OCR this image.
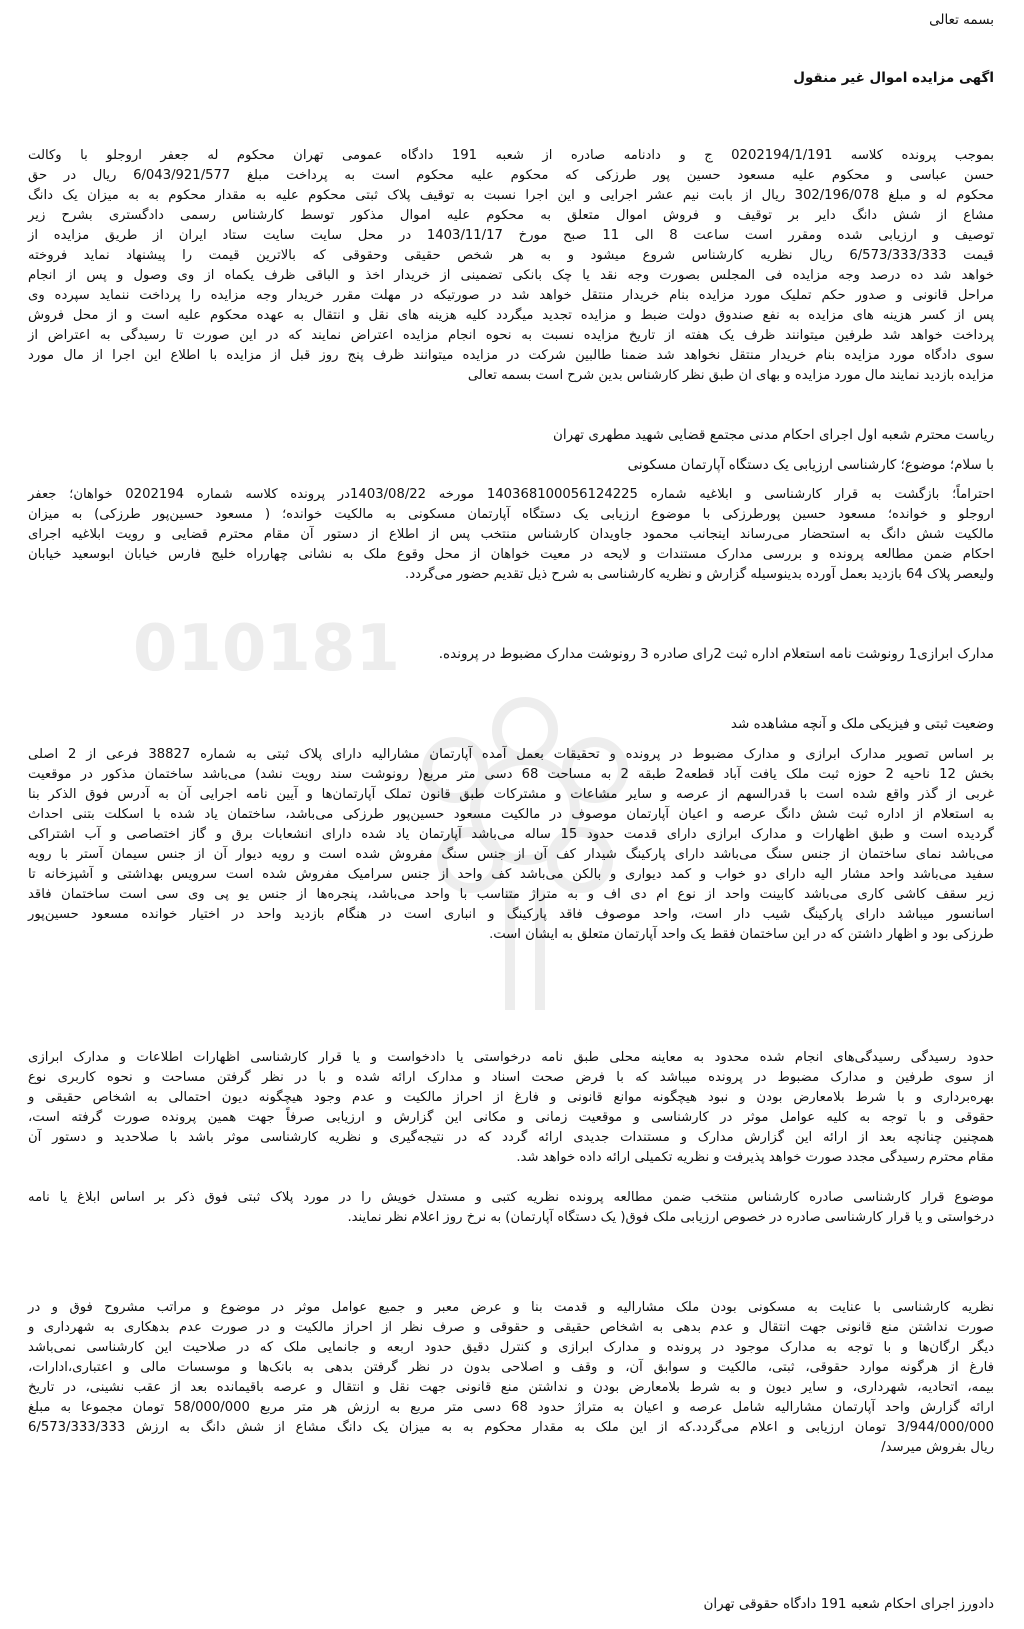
بسمه تعالی
اگهی مزایده اموال غیر منقول
010181
بموجب پرونده کلاسه 0202194/1/191 ج و دادنامه صادره از شعبه 191 دادگاه عمومی تهران محکوم له جعفر اروجلو با وکالت
حسن عباسی و محکوم علیه مسعود حسین پور طرزکی که محکوم علیه محکوم است به پرداخت مبلغ 6/043/921/577 ریال در حق
محکوم له و مبلغ 302/196/078 ریال از بابت نیم عشر اجرایی و این اجرا نسبت به توقیف پلاک ثبتی محکوم علیه به مقدار محکوم به به میزان یک دانگ
مشاع از شش دانگ دایر بر توقیف و فروش اموال متعلق به محکوم علیه اموال مذکور توسط کارشناس رسمی دادگستری بشرح زیر
توصیف و ارزیابی شده ومقرر است ساعت 8 الی 11 صبح مورخ 1403/11/17 در محل سایت سایت ستاد ایران از طریق مزایده از
قیمت 6/573/333/333 ریال نظریه کارشناس شروع میشود و به هر شخص حقیقی وحقوقی که بالاترین قیمت را پیشنهاد نماید فروخته
خواهد شد ده درصد وجه مزایده فی المجلس بصورت وجه نقد یا چک بانکی تضمینی از خریدار اخذ و الباقی ظرف یکماه از وی وصول و پس از انجام
مراحل قانونی و صدور حکم تملیک مورد مزایده بنام خریدار منتقل خواهد شد در صورتیکه در مهلت مقرر خریدار وجه مزایده را پرداخت ننماید سپرده وی
پس از کسر هزینه های مزایده به نفع صندوق دولت ضبط و مزایده تجدید میگردد کلیه هزینه های نقل و انتقال به عهده محکوم علیه است و از محل فروش
پرداخت خواهد شد طرفین میتوانند ظرف یک هفته از تاریخ مزایده نسبت به نحوه انجام مزایده اعتراض نمایند که در این صورت تا رسیدگی به اعتراض از
سوی دادگاه مورد مزایده بنام خریدار منتقل نخواهد شد ضمنا طالبین شرکت در مزایده میتوانند ظرف پنج روز قبل از مزایده با اطلاع این اجرا از مال مورد
مزایده بازدید نمایند مال مورد مزایده و بهای ان طبق نظر کارشناس بدین شرح است بسمه تعالی
ریاست محترم شعبه اول اجرای احکام مدنی مجتمع قضایی شهید مطهری تهران
با سلام؛ موضوع؛ کارشناسی ارزیابی یک دستگاه آپارتمان مسکونی
احتراماً؛ بازگشت به قرار کارشناسی و ابلاغیه شماره 140368100056124225 مورخه 1403/08/22در پرونده کلاسه شماره 0202194 خواهان؛ جعفر
اروجلو و خوانده؛ مسعود حسین پورطرزکی با موضوع ارزیابی یک دستگاه آپارتمان مسکونی به مالکیت خوانده؛ ( مسعود حسین‌پور طرزکی) به میزان
مالکیت شش دانگ به استحضار می‌رساند اینجانب محمود جاویدان کارشناس منتخب پس از اطلاع از دستور آن مقام محترم قضایی و رویت ابلاغیه اجرای
احکام ضمن مطالعه پرونده و بررسی مدارک مستندات و لایحه در معیت خواهان از محل وقوع ملک به نشانی چهارراه خلیج فارس خیابان ابوسعید خیابان
ولیعصر پلاک 64 بازدید بعمل آورده بدینوسیله گزارش و نظریه کارشناسی به شرح ذیل تقدیم حضور می‌گردد.
مدارک ابرازی1 رونوشت نامه استعلام اداره ثبت 2رای صادره 3 رونوشت مدارک مضبوط در پرونده.
وضعیت ثبتی و فیزیکی ملک و آنچه مشاهده شد
بر اساس تصویر مدارک ابرازی و مدارک مضبوط در پرونده و تحقیقات بعمل آمده آپارتمان مشارالیه دارای پلاک ثبتی به شماره 38827 فرعی از 2 اصلی
بخش 12 ناحیه 2 حوزه ثبت ملک یافت آباد قطعه2 طبقه 2 به مساحت 68 دسی متر مربع( رونوشت سند رویت نشد) می‌باشد ساختمان مذکور در موقعیت
غربی از گذر واقع شده است با قدرالسهم از عرصه و سایر مشاعات و مشترکات طبق قانون تملک آپارتمان‌ها و آیین نامه اجرایی آن به آدرس فوق الذکر بنا
به استعلام از اداره ثبت شش دانگ عرصه و اعیان آپارتمان موصوف در مالکیت مسعود حسین‌پور طرزکی می‌باشد، ساختمان یاد شده با اسکلت بتنی احداث
گردیده است و طبق اظهارات و مدارک ابرازی دارای قدمت حدود 15 ساله می‌باشد آپارتمان یاد شده دارای انشعابات برق و گاز اختصاصی و آب اشتراکی
می‌باشد نمای ساختمان از جنس سنگ می‌باشد دارای پارکینگ شیدار کف آن از جنس سنگ مفروش شده است و رویه دیوار آن از جنس سیمان آستر با رویه
سفید می‌باشد واحد مشار الیه دارای دو خواب و کمد دیواری و بالکن می‌باشد کف واحد از جنس سرامیک مفروش شده است سرویس بهداشتی و آشپزخانه تا
زیر سقف کاشی کاری می‌باشد کابینت واحد از نوع ام دی اف و به متراژ متناسب با واحد می‌باشد، پنجره‌ها از جنس یو پی وی سی است ساختمان فاقد
اسانسور میباشد دارای پارکینگ شیب دار است، واحد موصوف فاقد پارکینگ و انباری است در هنگام بازدید واحد در اختیار خوانده مسعود حسین‌پور
طرزکی بود و اظهار داشتن که در این ساختمان فقط یک واحد آپارتمان متعلق به ایشان است.
حدود رسیدگی رسیدگی‌های انجام شده محدود به معاینه محلی طبق نامه درخواستی یا دادخواست و یا قرار کارشناسی اظهارات اطلاعات و مدارک ابرازی
از سوی طرفین و مدارک مضبوط در پرونده میباشد که با فرض صحت اسناد و مدارک ارائه شده و با در نظر گرفتن مساحت و نحوه کاربری نوع
بهره‌برداری و با شرط بلامعارض بودن و نبود هیچگونه موانع قانونی و فارغ از احراز مالکیت و عدم وجود هیچگونه دیون احتمالی به اشخاص حقیقی و
حقوقی و با توجه به کلیه عوامل موثر در کارشناسی و موقعیت زمانی و مکانی این گزارش و ارزیابی صرفاً جهت همین پرونده صورت گرفته است،
همچنین چنانچه بعد از ارائه این گزارش مدارک و مستندات جدیدی ارائه گردد که در نتیجه‌گیری و نظریه کارشناسی موثر باشد با صلاحدید و دستور آن
مقام محترم رسیدگی مجدد صورت خواهد پذیرفت و نظریه تکمیلی ارائه داده خواهد شد.
موضوع قرار کارشناسی صادره کارشناس منتخب ضمن مطالعه پرونده نظریه کتبی و مستدل خویش را در مورد پلاک ثبتی فوق ذکر بر اساس ابلاغ یا نامه
درخواستی و یا قرار کارشناسی صادره در خصوص ارزیابی ملک فوق( یک دستگاه آپارتمان) به نرخ روز اعلام نظر نمایند.
نظریه کارشناسی با عنایت به مسکونی بودن ملک مشارالیه و قدمت بنا و عرض معبر و جمیع عوامل موثر در موضوع و مراتب مشروح فوق و در
صورت نداشتن منع قانونی جهت انتقال و عدم بدهی به اشخاص حقیقی و حقوقی و صرف نظر از احراز مالکیت و در صورت عدم بدهکاری به شهرداری و
دیگر ارگان‌ها و با توجه به مدارک موجود در پرونده و مدارک ابرازی و کنترل دقیق حدود اربعه و جانمایی ملک که در صلاحیت این کارشناسی نمی‌باشد
فارغ از هرگونه موارد حقوقی، ثبتی، مالکیت و سوابق آن، و وقف و اصلاحی بدون در نظر گرفتن بدهی به بانک‌ها و موسسات مالی و اعتباری،ادارات،
بیمه، اتحادیه، شهرداری، و سایر دیون و به شرط بلامعارض بودن و نداشتن منع قانونی جهت نقل و انتقال و عرصه باقیمانده بعد از عقب نشینی، در تاریخ
ارائه گزارش واحد آپارتمان مشارالیه شامل عرصه و اعیان به متراژ حدود 68 دسی متر مربع به ارزش هر متر مربع 58/000/000 تومان مجموعا به مبلغ
3/944/000/000 تومان ارزیابی و اعلام می‌گردد.که از این ملک به مقدار محکوم به به میزان یک دانگ مشاع از شش دانگ به ارزش 6/573/333/333
ریال بفروش میرسد/
دادورز اجرای احکام شعبه 191 دادگاه حقوقی تهران
